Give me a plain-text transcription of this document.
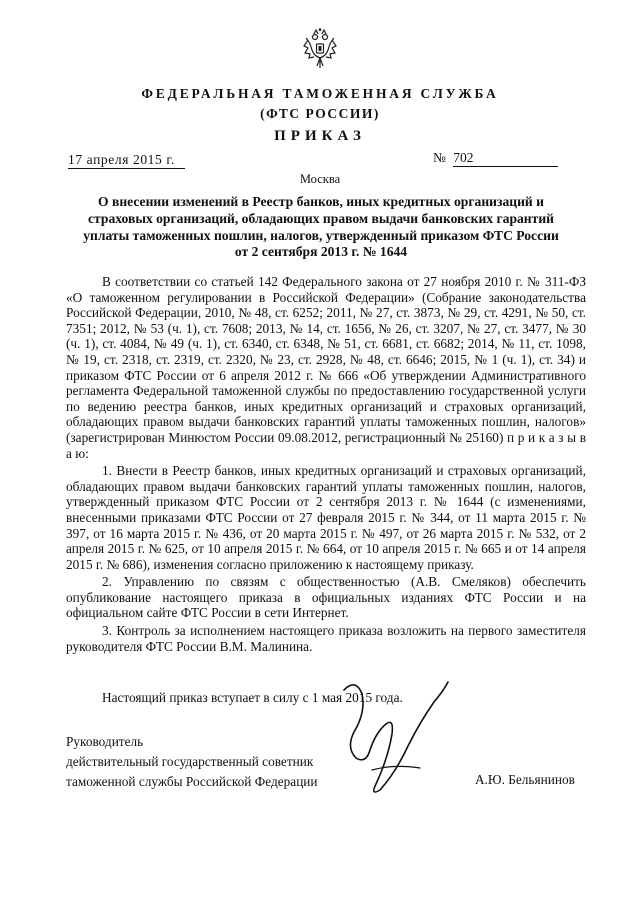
ФЕДЕРАЛЬНАЯ ТАМОЖЕННАЯ СЛУЖБА
(ФТС РОССИИ)
ПРИКАЗ
17 апреля 2015 г.	№ 702
Москва
О внесении изменений в Реестр банков, иных кредитных организаций и
страховых организаций, обладающих правом выдачи банковских гарантий
уплаты таможенных пошлин, налогов, утвержденный приказом ФТС России
от 2 сентября 2013 г. № 1644

В соответствии со статьей 142 Федерального закона от 27 ноября 2010 г. № 311-ФЗ «О таможенном регулировании в Российской Федерации» (Собрание законодательства Российской Федерации, 2010, № 48, ст. 6252; 2011, № 27, ст. 3873, № 29, ст. 4291, № 50, ст. 7351; 2012, № 53 (ч. 1), ст. 7608; 2013, № 14, ст. 1656, № 26, ст. 3207, № 27, ст. 3477, № 30 (ч. 1), ст. 4084, № 49 (ч. 1), ст. 6340, ст. 6348, № 51, ст. 6681, ст. 6682; 2014, № 11, ст. 1098, № 19, ст. 2318, ст. 2319, ст. 2320, № 23, ст. 2928, № 48, ст. 6646; 2015, № 1 (ч. 1), ст. 34) и приказом ФТС России от 6 апреля 2012 г. № 666 «Об утверждении Административного регламента Федеральной таможенной службы по предоставлению государственной услуги по ведению реестра банков, иных кредитных организаций и страховых организаций, обладающих правом выдачи банковских гарантий уплаты таможенных пошлин, налогов» (зарегистрирован Минюстом России 09.08.2012, регистрационный № 25160) п р и к а з ы в а ю:

1. Внести в Реестр банков, иных кредитных организаций и страховых организаций, обладающих правом выдачи банковских гарантий уплаты таможенных пошлин, налогов, утвержденный приказом ФТС России от 2 сентября 2013 г. № 1644 (с изменениями, внесенными приказами ФТС России от 27 февраля 2015 г. № 344, от 11 марта 2015 г. № 397, от 16 марта 2015 г. № 436, от 20 марта 2015 г. № 497, от 26 марта 2015 г. № 532, от 2 апреля 2015 г. № 625, от 10 апреля 2015 г. № 664, от 10 апреля 2015 г. № 665 и от 14 апреля 2015 г. № 686), изменения согласно приложению к настоящему приказу.

2. Управлению по связям с общественностью (А.В. Смеляков) обеспечить опубликование настоящего приказа в официальных изданиях ФТС России и на официальном сайте ФТС России в сети Интернет.

3. Контроль за исполнением настоящего приказа возложить на первого заместителя руководителя ФТС России В.М. Малинина.

Настоящий приказ вступает в силу с 1 мая 2015 года.
Руководитель
действительный государственный советник
таможенной службы Российской Федерации	А.Ю. Бельянинов
